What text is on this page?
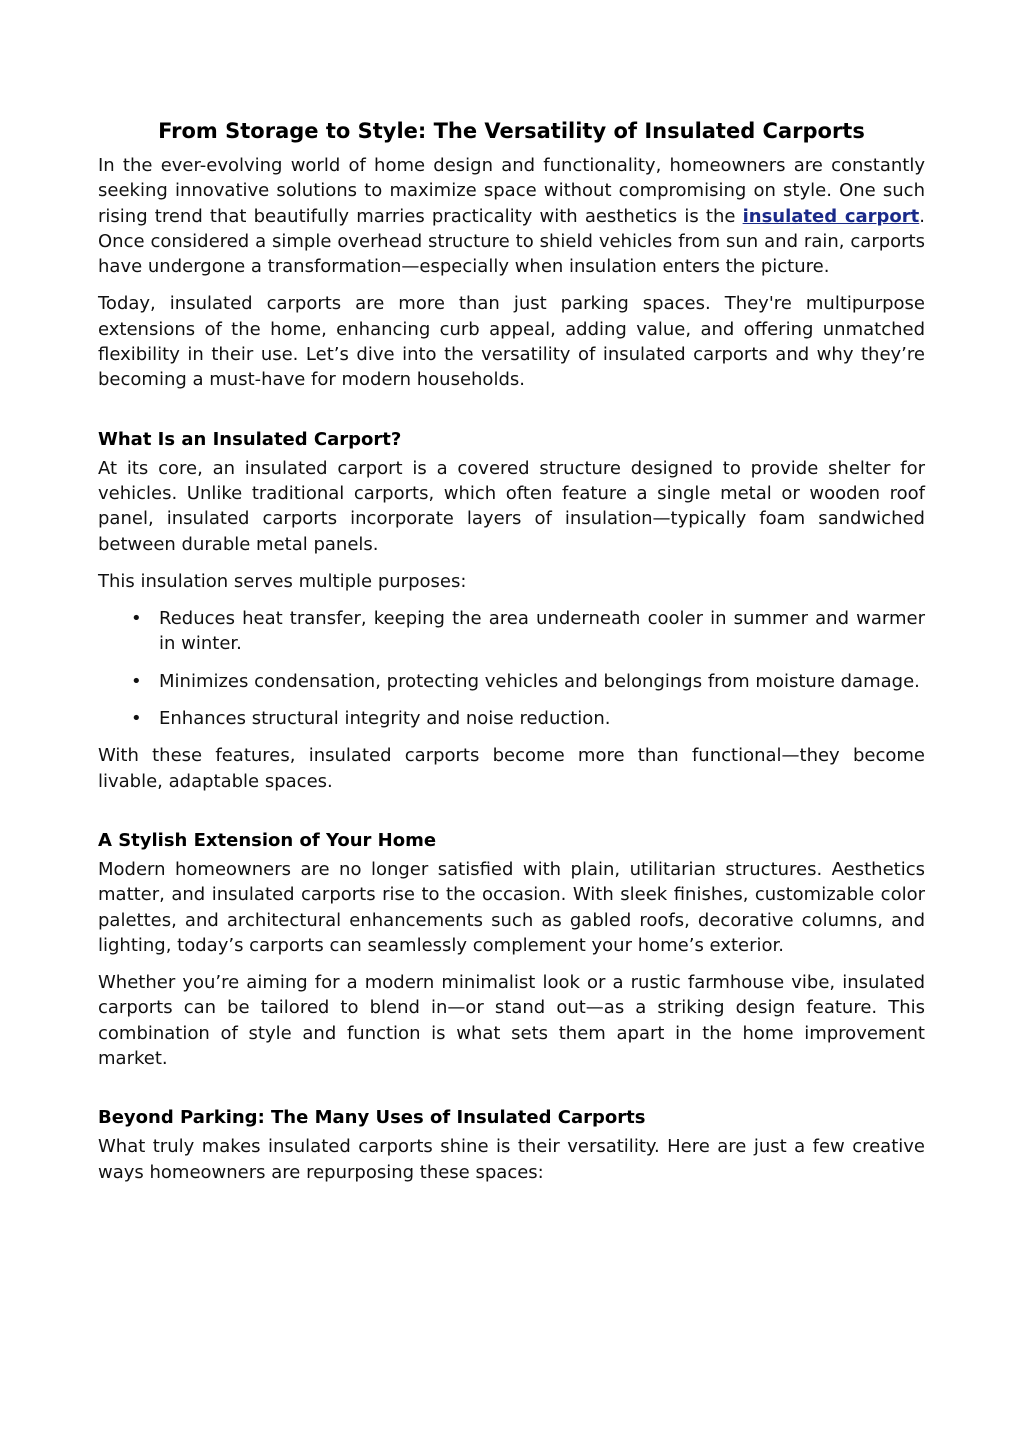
From Storage to Style: The Versatility of Insulated Carports

In the ever-evolving world of home design and functionality, homeowners are constantly seeking innovative solutions to maximize space without compromising on style. One such rising trend that beautifully marries practicality with aesthetics is the insulated carport. Once considered a simple overhead structure to shield vehicles from sun and rain, carports have undergone a transformation—especially when insulation enters the picture.

Today, insulated carports are more than just parking spaces. They're multipurpose extensions of the home, enhancing curb appeal, adding value, and offering unmatched flexibility in their use. Let’s dive into the versatility of insulated carports and why they’re becoming a must-have for modern households.

What Is an Insulated Carport?

At its core, an insulated carport is a covered structure designed to provide shelter for vehicles. Unlike traditional carports, which often feature a single metal or wooden roof panel, insulated carports incorporate layers of insulation—typically foam sandwiched between durable metal panels.

This insulation serves multiple purposes:

• Reduces heat transfer, keeping the area underneath cooler in summer and warmer in winter.
• Minimizes condensation, protecting vehicles and belongings from moisture damage.
• Enhances structural integrity and noise reduction.

With these features, insulated carports become more than functional—they become livable, adaptable spaces.

A Stylish Extension of Your Home

Modern homeowners are no longer satisfied with plain, utilitarian structures. Aesthetics matter, and insulated carports rise to the occasion. With sleek finishes, customizable color palettes, and architectural enhancements such as gabled roofs, decorative columns, and lighting, today’s carports can seamlessly complement your home’s exterior.

Whether you’re aiming for a modern minimalist look or a rustic farmhouse vibe, insulated carports can be tailored to blend in—or stand out—as a striking design feature. This combination of style and function is what sets them apart in the home improvement market.

Beyond Parking: The Many Uses of Insulated Carports

What truly makes insulated carports shine is their versatility. Here are just a few creative ways homeowners are repurposing these spaces:
